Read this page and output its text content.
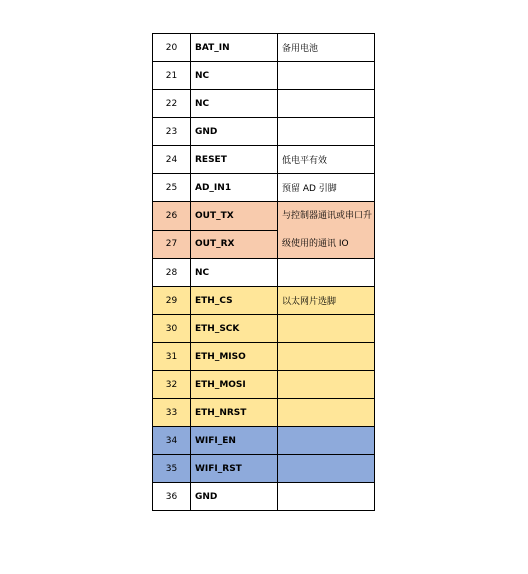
20	BAT_IN	备用电池
21	NC	
22	NC	
23	GND	
24	RESET	低电平有效
25	AD_IN1	预留 AD 引脚
26	OUT_TX	与控制器通讯或串口升级使用的通讯 IO
27	OUT_RX	
28	NC	
29	ETH_CS	以太网片选脚
30	ETH_SCK	
31	ETH_MISO	
32	ETH_MOSI	
33	ETH_NRST	
34	WIFI_EN	
35	WIFI_RST	
36	GND	
